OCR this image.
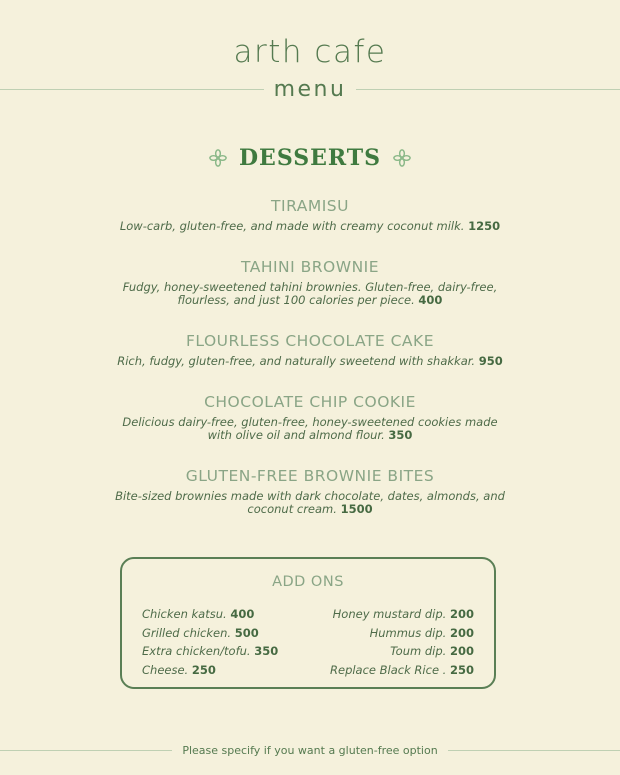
arth cafe
menu
DESSERTS
TIRAMISU
Low-carb, gluten-free, and made with creamy coconut milk. 1250
TAHINI BROWNIE
Fudgy, honey-sweetened tahini brownies. Gluten-free, dairy-free, flourless, and just 100 calories per piece. 400
FLOURLESS CHOCOLATE CAKE
Rich, fudgy, gluten-free, and naturally sweetend with shakkar. 950
CHOCOLATE CHIP COOKIE
Delicious dairy-free, gluten-free, honey-sweetened cookies made with olive oil and almond flour. 350
GLUTEN-FREE BROWNIE BITES
Bite-sized brownies made with dark chocolate, dates, almonds, and coconut cream. 1500
ADD ONS
Chicken katsu. 400
Grilled chicken. 500
Extra chicken/tofu. 350
Cheese. 250
Honey mustard dip. 200
Hummus dip. 200
Toum dip. 200
Replace Black Rice . 250
Please specify if you want a gluten-free option
